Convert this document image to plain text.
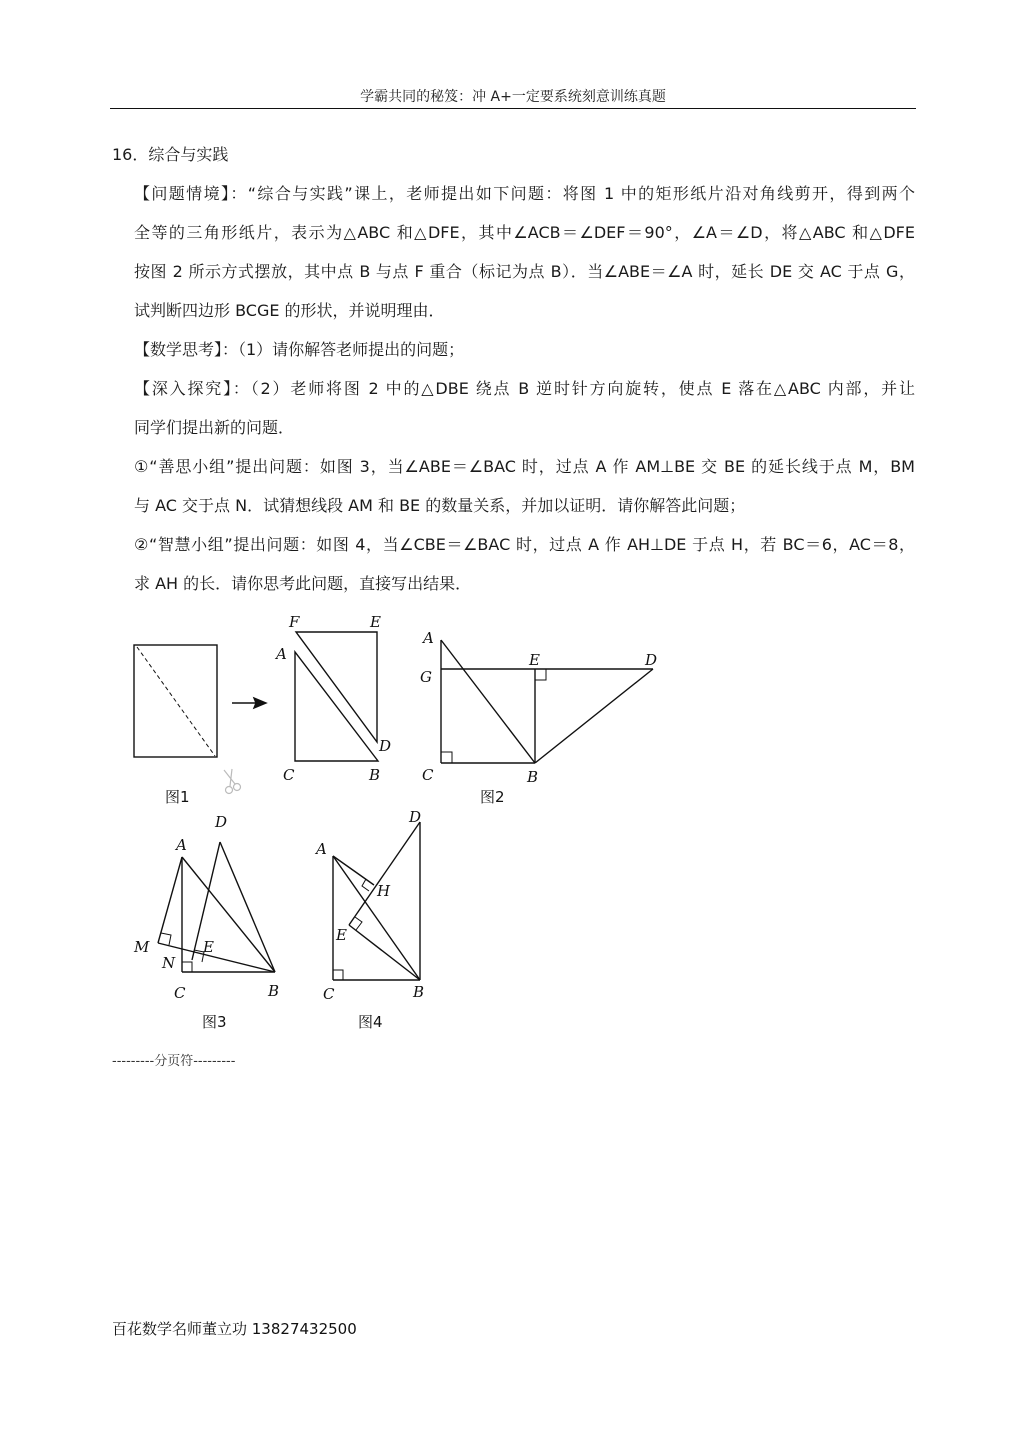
学霸共同的秘笈：冲 A+一定要系统刻意训练真题
16．综合与实践
【问题情境】：“综合与实践”课上，老师提出如下问题：将图 1 中的矩形纸片沿对角线剪开，得到两个
全等的三角形纸片，表示为△ABC 和△DFE，其中∠ACB＝∠DEF＝90°，∠A＝∠D，将△ABC 和△DFE
按图 2 所示方式摆放，其中点 B 与点 F 重合（标记为点 B）．当∠ABE＝∠A 时，延长 DE 交 AC 于点 G，
试判断四边形 BCGE 的形状，并说明理由．
【数学思考】：（1）请你解答老师提出的问题；
【深入探究】：（2）老师将图 2 中的△DBE 绕点 B 逆时针方向旋转，使点 E 落在△ABC 内部，并让
同学们提出新的问题．
①“善思小组”提出问题：如图 3，当∠ABE＝∠BAC 时，过点 A 作 AM⊥BE 交 BE 的延长线于点 M，BM
与 AC 交于点 N．试猜想线段 AM 和 BE 的数量关系，并加以证明．请你解答此问题；
②“智慧小组”提出问题：如图 4，当∠CBE＝∠BAC 时，过点 A 作 AH⊥DE 于点 H，若 BC＝6，AC＝8，
求 AH 的长．请你思考此问题，直接写出结果．
F	E
A
D
C	B
图1
A
G
E	D
C	B
图2
A
D
M
N
E
C	B
图3
A
D
H
E
C	B
图4
---------分页符---------
百花数学名师董立功 13827432500
